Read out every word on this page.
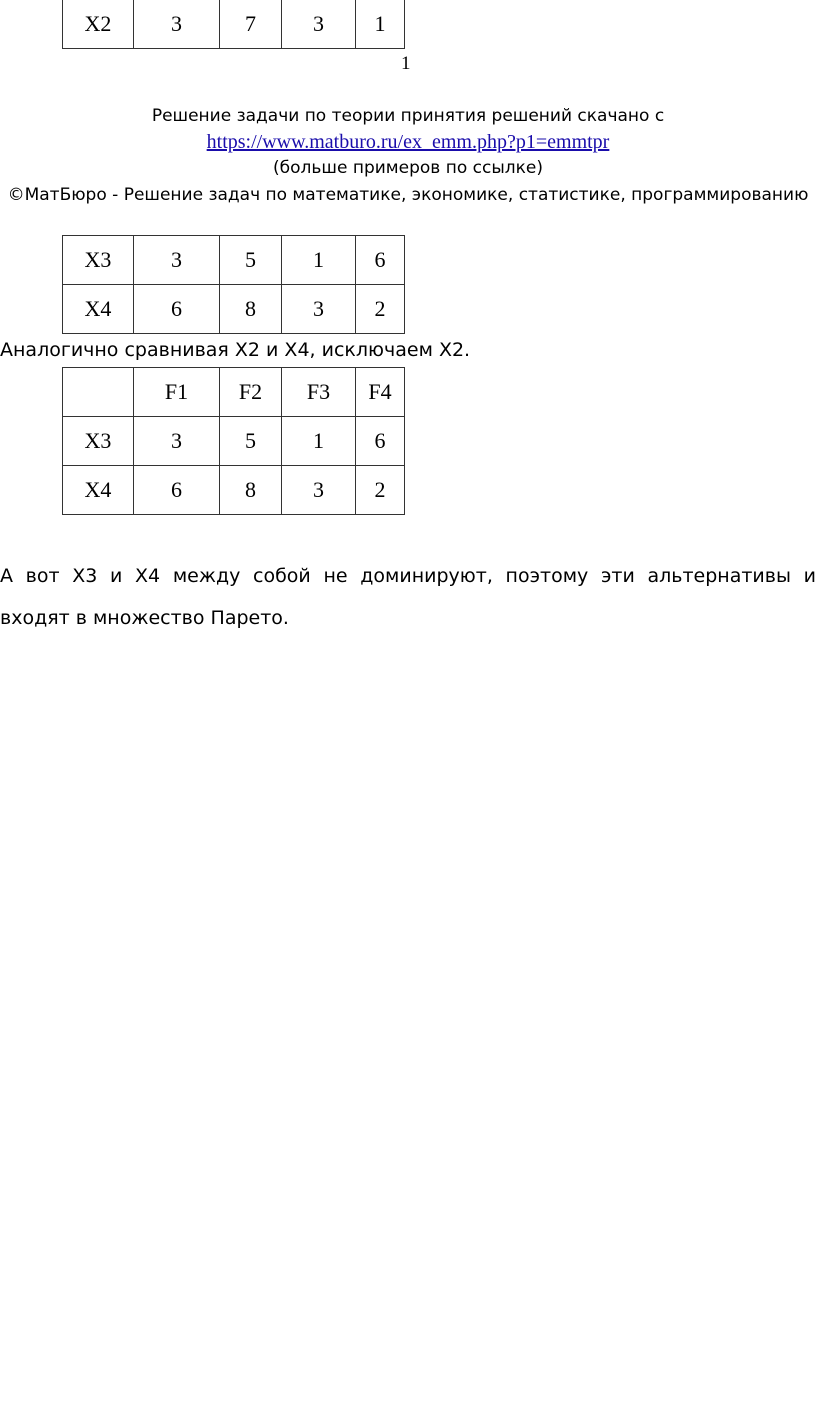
X2	3	7	3	1
1
Решение задачи по теории принятия решений скачано с
https://www.matburo.ru/ex_emm.php?p1=emmtpr
(больше примеров по ссылке)
©МатБюро - Решение задач по математике, экономике, статистике, программированию
X3	3	5	1	6
X4	6	8	3	2
Аналогично сравнивая X2 и X4, исключаем X2.
	F1	F2	F3	F4
X3	3	5	1	6
X4	6	8	3	2
А вот X3 и X4 между собой не доминируют, поэтому эти альтернативы и
входят в множество Парето.
